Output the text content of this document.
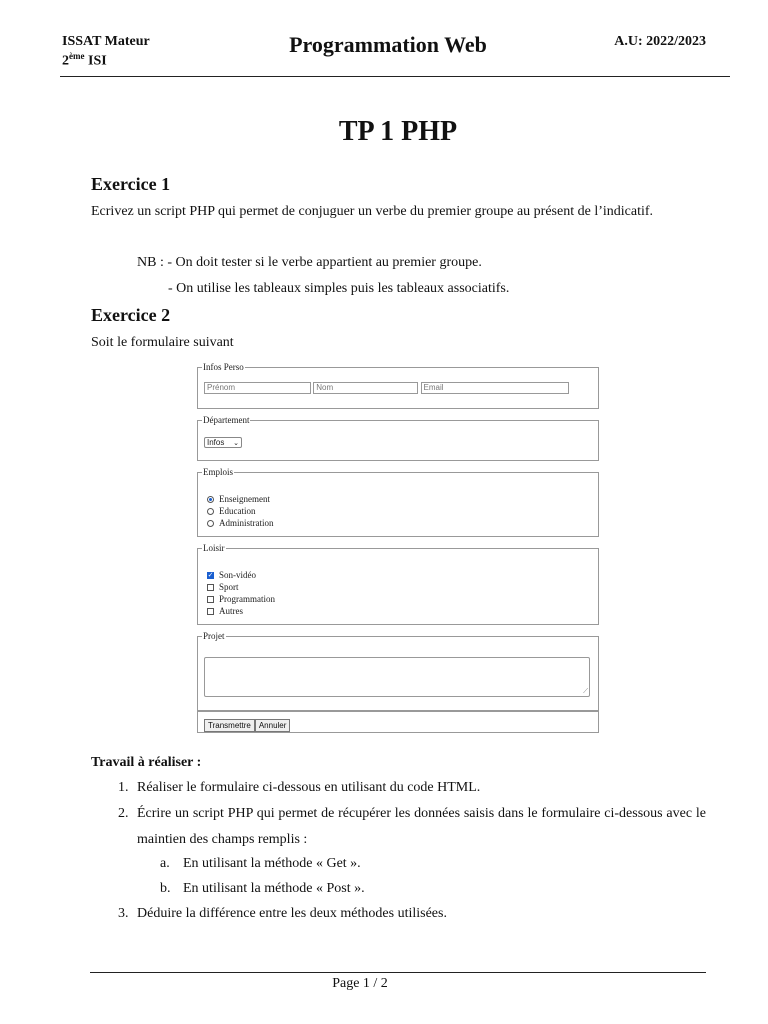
ISSAT Mateur
2ème ISI
Programmation Web	A.U: 2022/2023
TP 1 PHP
Exercice 1
Ecrivez un script PHP qui permet de conjuguer un verbe du premier groupe au présent de l’indicatif.
NB : - On doit tester si le verbe appartient au premier groupe.
- On utilise les tableaux simples puis les tableaux associatifs.
Exercice 2
Soit le formulaire suivant
Infos Perso
Prénom	Nom	Email
Département
Infos ⌄
Emplois
Enseignement
Education
Administration
Loisir
✓ Son-vidéo
Sport
Programmation
Autres
Projet
⟋
Transmettre Annuler
Travail à réaliser :
1. Réaliser le formulaire ci-dessous en utilisant du code HTML.
2. Écrire un script PHP qui permet de récupérer les données saisis dans le formulaire ci-dessous avec le maintien des champs remplis :
a. En utilisant la méthode « Get ».
b. En utilisant la méthode « Post ».
3. Déduire la différence entre les deux méthodes utilisées.
Page 1 / 2
